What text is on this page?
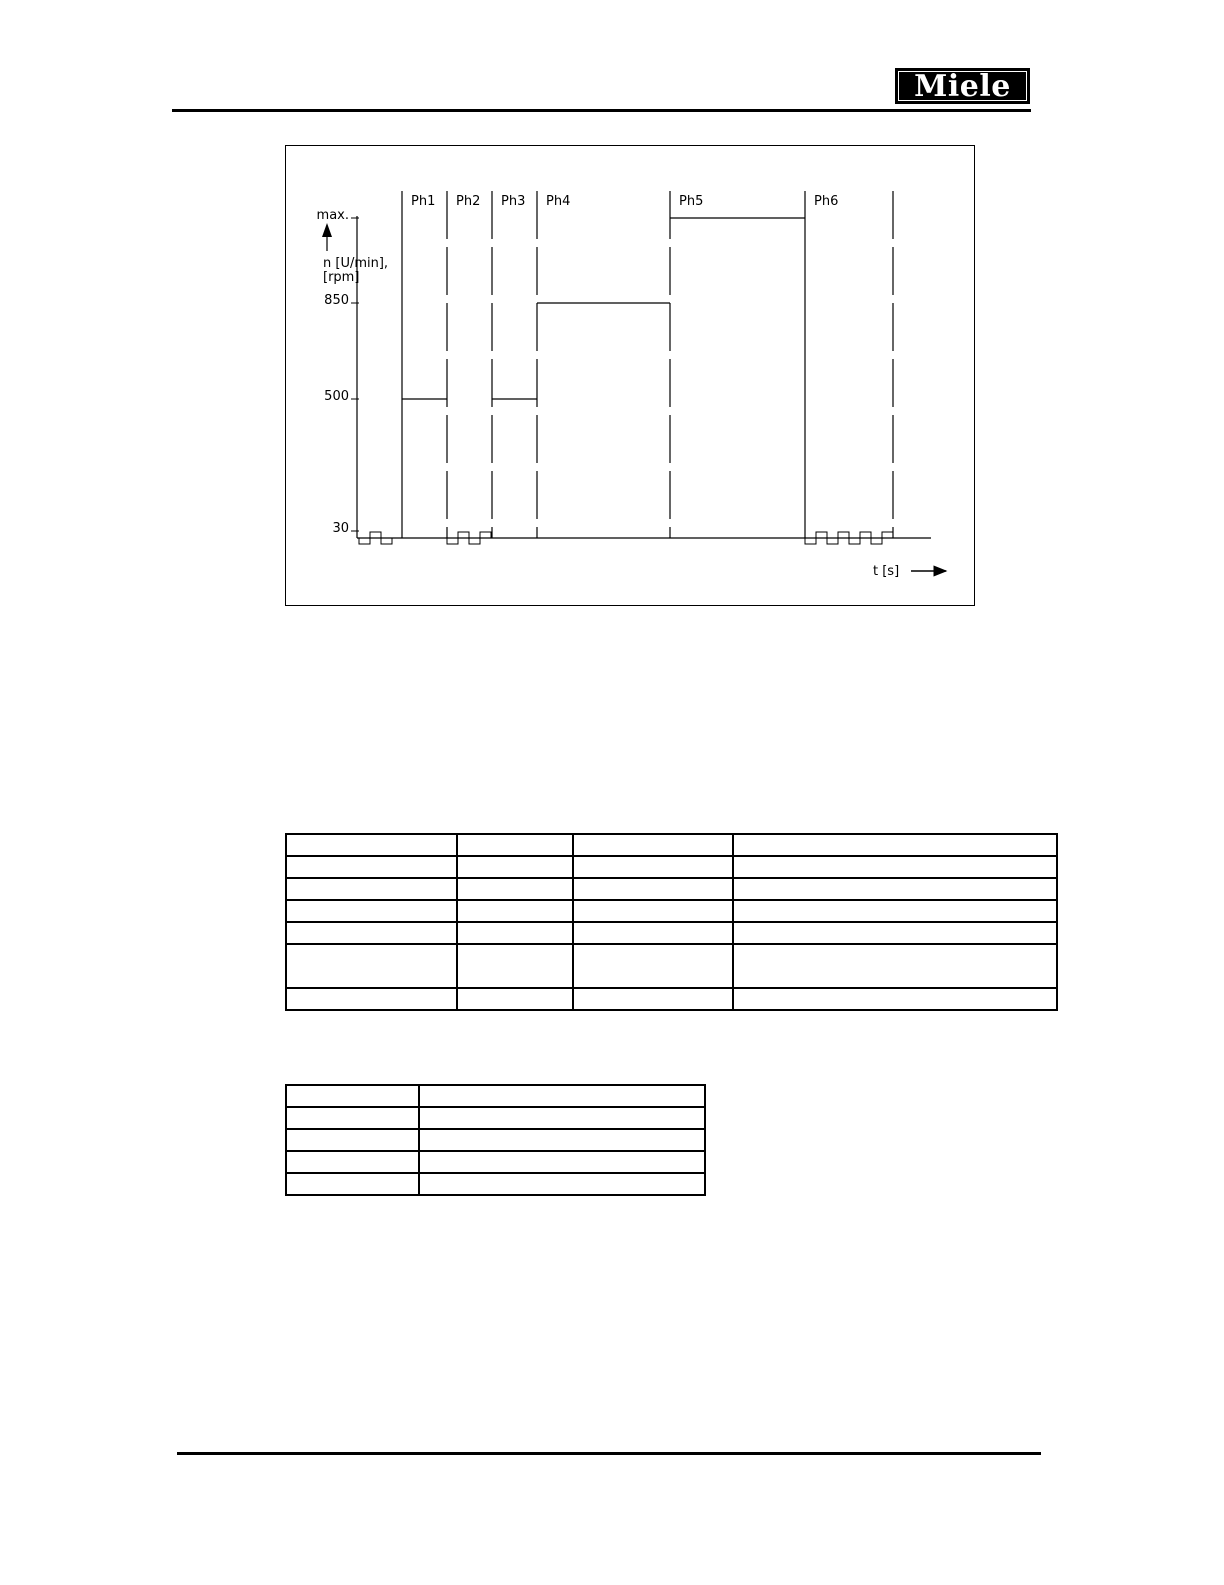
Miele
max.
850
500
30
Ph1 Ph2 Ph3 Ph4	Ph5	Ph6
n [U/min],
[rpm]
t [s]
